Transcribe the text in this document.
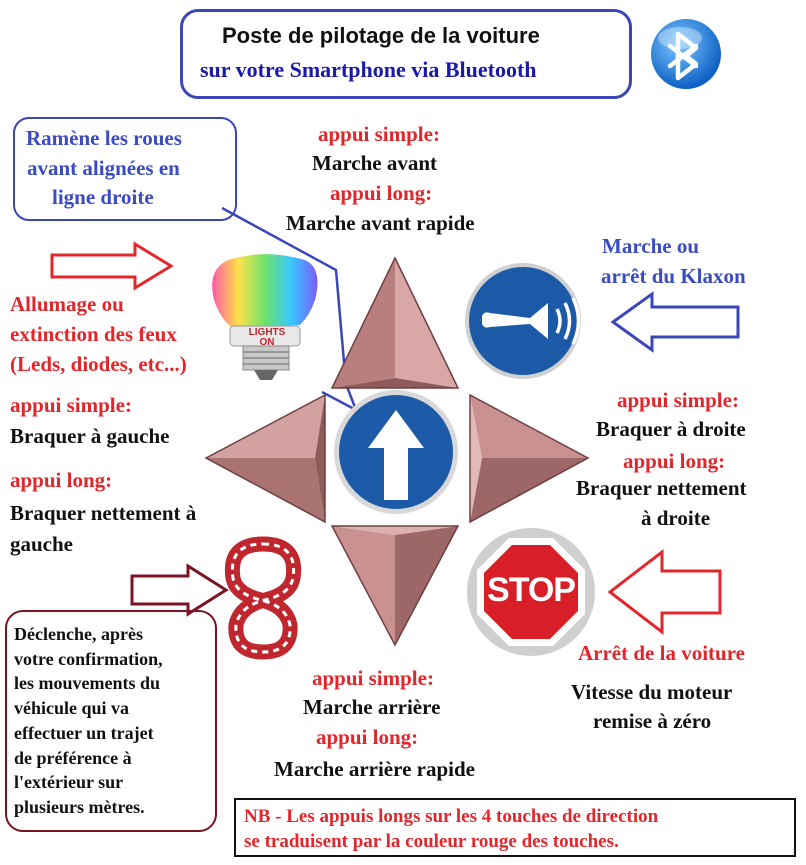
Poste de pilotage de la voiture
sur votre Smartphone via Bluetooth
Ramène les roues
avant alignées en
ligne droite
appui simple:
Marche avant
appui long:
Marche avant rapide
Marche ou
arrêt du Klaxon
Allumage ou
extinction des feux
(Leds, diodes, etc...)
LIGHTS
ON
appui simple:
Braquer à gauche
appui long:
Braquer nettement à
gauche
appui simple:
Braquer à droite
appui long:
Braquer nettement
à droite
STOP
Arrêt de la voiture
Vitesse du moteur
remise à zéro
appui simple:
Marche arrière
appui long:
Marche arrière rapide
Déclenche, après
votre confirmation,
les mouvements du
véhicule qui va
effectuer un trajet
de préférence à
l'extérieur sur
plusieurs mètres.	NB - Les appuis longs sur les 4 touches de direction
se traduisent par la couleur rouge des touches.
